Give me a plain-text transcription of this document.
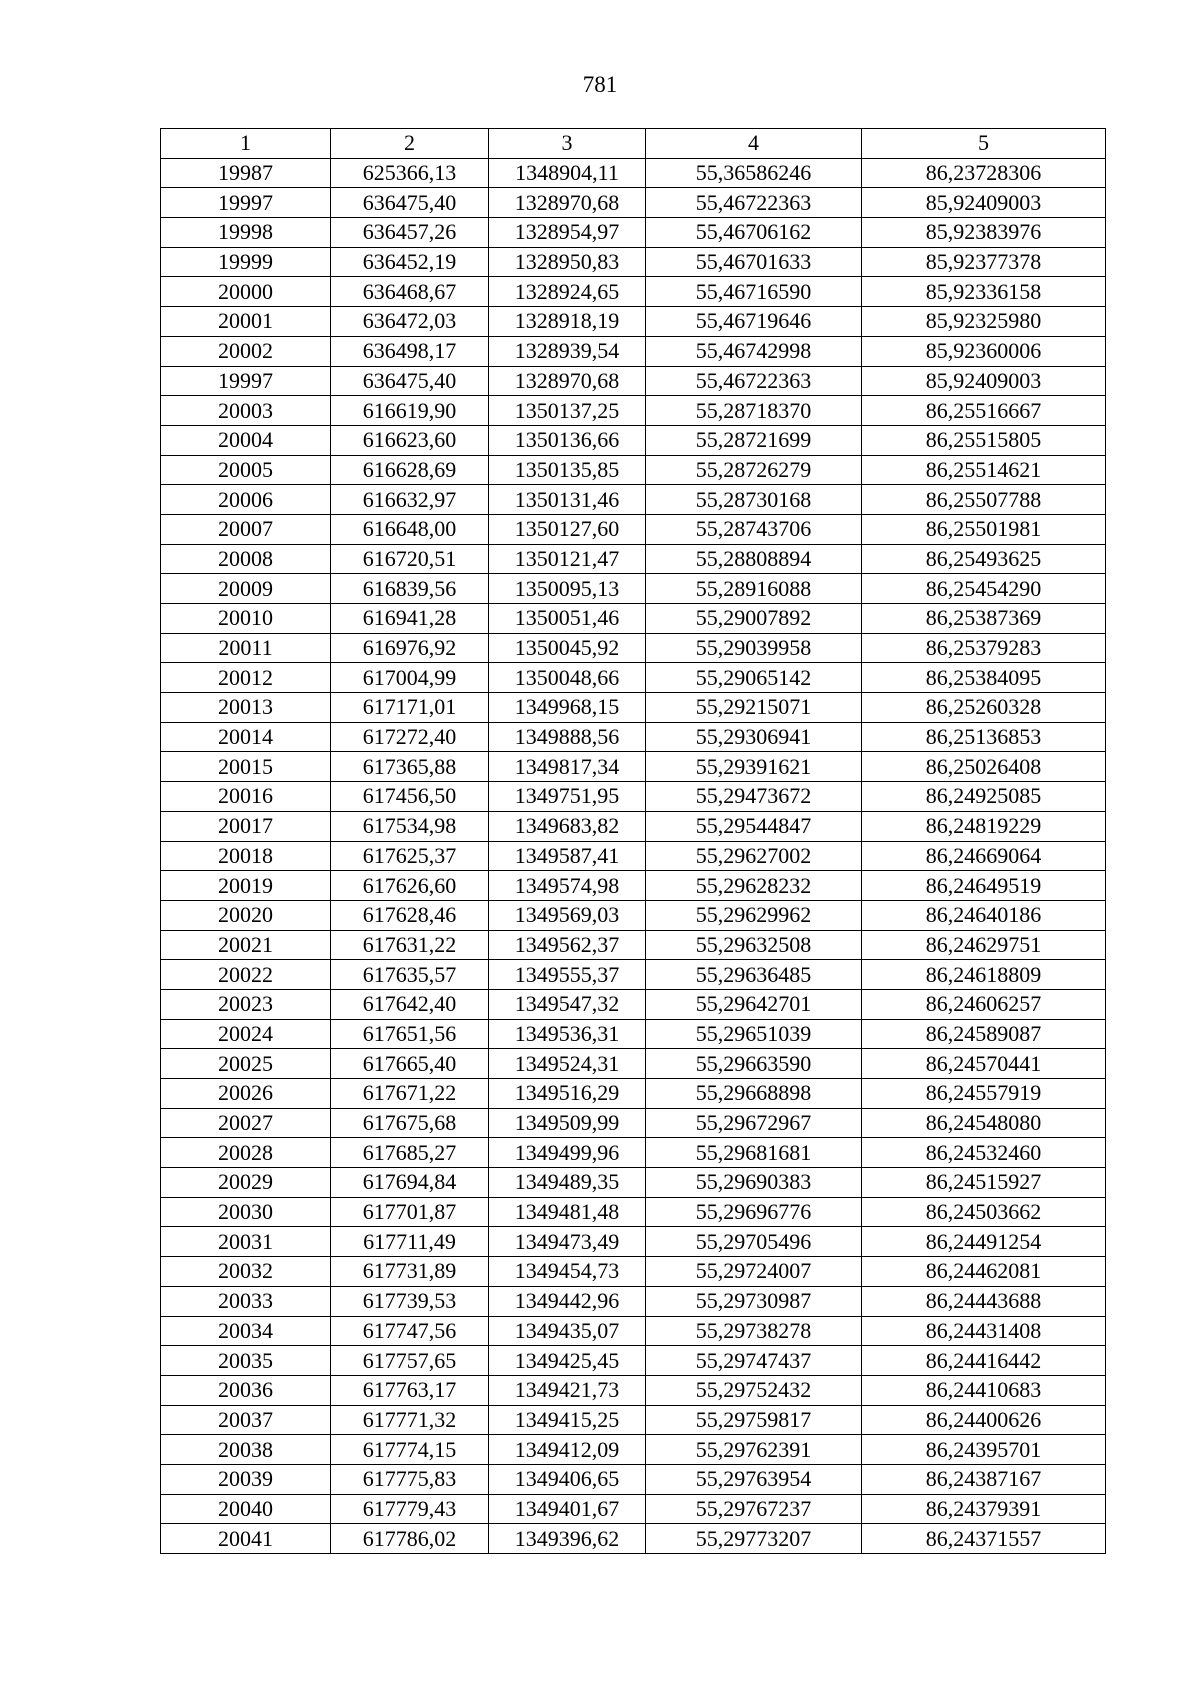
781
1	2	3	4	5
19987	625366,13	1348904,11	55,36586246	86,23728306
19997	636475,40	1328970,68	55,46722363	85,92409003
19998	636457,26	1328954,97	55,46706162	85,92383976
19999	636452,19	1328950,83	55,46701633	85,92377378
20000	636468,67	1328924,65	55,46716590	85,92336158
20001	636472,03	1328918,19	55,46719646	85,92325980
20002	636498,17	1328939,54	55,46742998	85,92360006
19997	636475,40	1328970,68	55,46722363	85,92409003
20003	616619,90	1350137,25	55,28718370	86,25516667
20004	616623,60	1350136,66	55,28721699	86,25515805
20005	616628,69	1350135,85	55,28726279	86,25514621
20006	616632,97	1350131,46	55,28730168	86,25507788
20007	616648,00	1350127,60	55,28743706	86,25501981
20008	616720,51	1350121,47	55,28808894	86,25493625
20009	616839,56	1350095,13	55,28916088	86,25454290
20010	616941,28	1350051,46	55,29007892	86,25387369
20011	616976,92	1350045,92	55,29039958	86,25379283
20012	617004,99	1350048,66	55,29065142	86,25384095
20013	617171,01	1349968,15	55,29215071	86,25260328
20014	617272,40	1349888,56	55,29306941	86,25136853
20015	617365,88	1349817,34	55,29391621	86,25026408
20016	617456,50	1349751,95	55,29473672	86,24925085
20017	617534,98	1349683,82	55,29544847	86,24819229
20018	617625,37	1349587,41	55,29627002	86,24669064
20019	617626,60	1349574,98	55,29628232	86,24649519
20020	617628,46	1349569,03	55,29629962	86,24640186
20021	617631,22	1349562,37	55,29632508	86,24629751
20022	617635,57	1349555,37	55,29636485	86,24618809
20023	617642,40	1349547,32	55,29642701	86,24606257
20024	617651,56	1349536,31	55,29651039	86,24589087
20025	617665,40	1349524,31	55,29663590	86,24570441
20026	617671,22	1349516,29	55,29668898	86,24557919
20027	617675,68	1349509,99	55,29672967	86,24548080
20028	617685,27	1349499,96	55,29681681	86,24532460
20029	617694,84	1349489,35	55,29690383	86,24515927
20030	617701,87	1349481,48	55,29696776	86,24503662
20031	617711,49	1349473,49	55,29705496	86,24491254
20032	617731,89	1349454,73	55,29724007	86,24462081
20033	617739,53	1349442,96	55,29730987	86,24443688
20034	617747,56	1349435,07	55,29738278	86,24431408
20035	617757,65	1349425,45	55,29747437	86,24416442
20036	617763,17	1349421,73	55,29752432	86,24410683
20037	617771,32	1349415,25	55,29759817	86,24400626
20038	617774,15	1349412,09	55,29762391	86,24395701
20039	617775,83	1349406,65	55,29763954	86,24387167
20040	617779,43	1349401,67	55,29767237	86,24379391
20041	617786,02	1349396,62	55,29773207	86,24371557
